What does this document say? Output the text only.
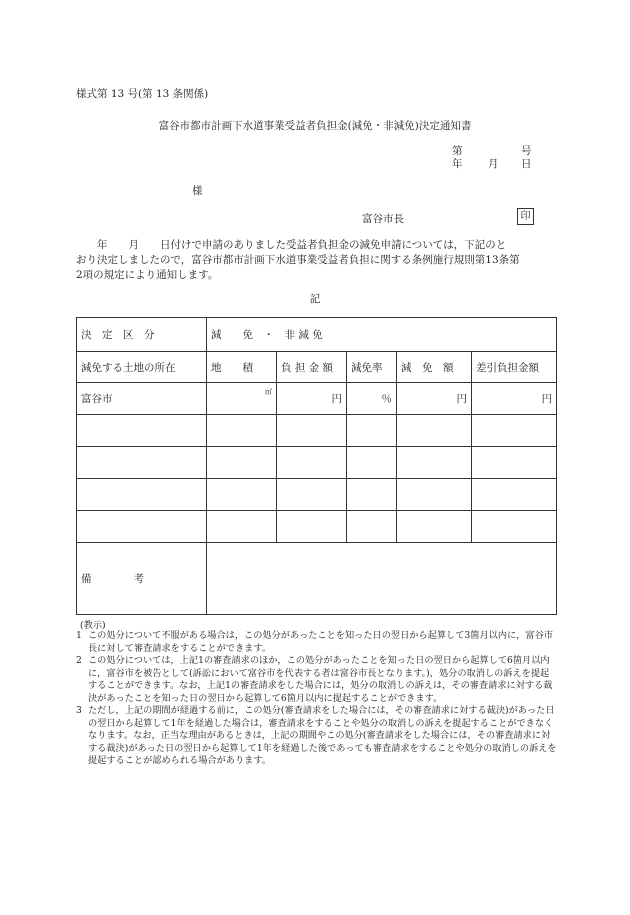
様式第 13 号(第 13 条関係)
富谷市都市計画下水道事業受益者負担金(減免・非減免)決定通知書
第	号
年 月 日
様
富谷市長	印

　　年　　月　　日付けで申請のありました受益者負担金の減免申請については，下記のと

おり決定しましたので，富谷市都市計画下水道事業受益者負担に関する条例施行規則第13条第

2項の規定により通知します。

記
決　定　区　分	減　　免　・　非 減 免				
減免する土地の所在	地　　積	負 担 金 額	減免率	減　免　額	差引負担金額
富谷市	㎡	円	％	円	円

備　　　　考					
(教示)
1 この処分について不服がある場合は，この処分があったことを知った日の翌日から起算して3箇月以内に，富谷市長に対して審査請求をすることができます。
2 この処分については，上記1の審査請求のほか，この処分があったことを知った日の翌日から起算して6箇月以内に，富谷市を被告として(訴訟において富谷市を代表する者は富谷市長となります。)，処分の取消しの訴えを提起することができます。なお，上記1の審査請求をした場合には，処分の取消しの訴えは，その審査請求に対する裁決があったことを知った日の翌日から起算して6箇月以内に提起することができます。
3 ただし，上記の期間が経過する前に，この処分(審査請求をした場合には，その審査請求に対する裁決)があった日の翌日から起算して1年を経過した場合は，審査請求をすることや処分の取消しの訴えを提起することができなくなります。なお，正当な理由があるときは，上記の期間やこの処分(審査請求をした場合には，その審査請求に対する裁決)があった日の翌日から起算して1年を経過した後であっても審査請求をすることや処分の取消しの訴えを提起することが認められる場合があります。
